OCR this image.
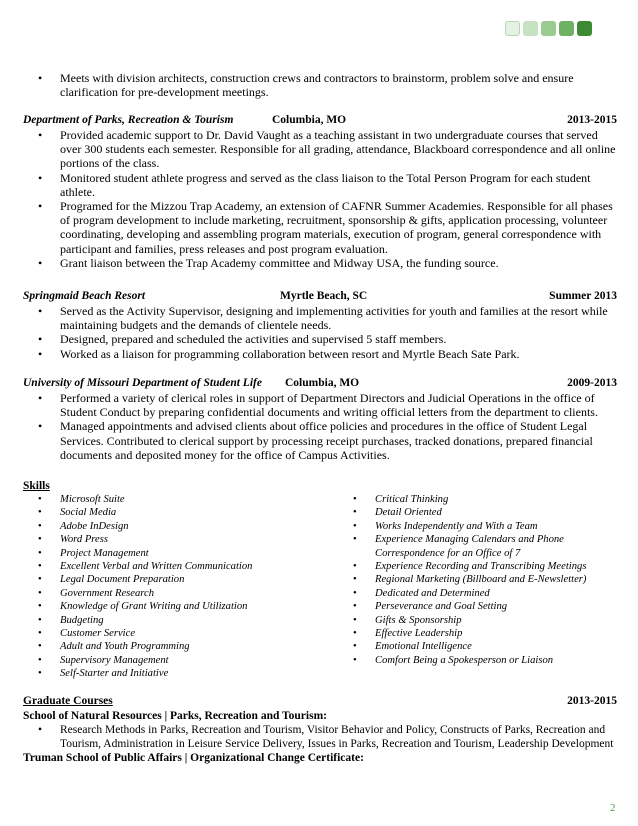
• Meets with division architects, construction crews and contractors to brainstorm, problem solve and ensure clarification for pre-development meetings.
Department of Parks, Recreation & Tourism	Columbia, MO	2013-2015
• Provided academic support to Dr. David Vaught as a teaching assistant in two undergraduate courses that served over 300 students each semester. Responsible for all grading, attendance, Blackboard correspondence and all online portions of the class.
• Monitored student athlete progress and served as the class liaison to the Total Person Program for each student athlete.
• Programed for the Mizzou Trap Academy, an extension of CAFNR Summer Academies. Responsible for all phases of program development to include marketing, recruitment, sponsorship & gifts, application processing, volunteer coordinating, developing and assembling program materials, execution of program, general correspondence with participant and families, press releases and post program evaluation.
• Grant liaison between the Trap Academy committee and Midway USA, the funding source.
Springmaid Beach Resort	Myrtle Beach, SC	Summer 2013
• Served as the Activity Supervisor, designing and implementing activities for youth and families at the resort while maintaining budgets and the demands of clientele needs.
• Designed, prepared and scheduled the activities and supervised 5 staff members.
• Worked as a liaison for programming collaboration between resort and Myrtle Beach Sate Park.
University of Missouri Department of Student Life Columbia, MO	2009-2013
• Performed a variety of clerical roles in support of Department Directors and Judicial Operations in the office of Student Conduct by preparing confidential documents and writing official letters from the department to clients.
• Managed appointments and advised clients about office policies and procedures in the office of Student Legal Services. Contributed to clerical support by processing receipt purchases, tracked donations, prepared financial documents and deposited money for the office of Campus Activities.
Skills
• Microsoft Suite
• Social Media
• Adobe InDesign
• Word Press
• Project Management
• Excellent Verbal and Written Communication
• Legal Document Preparation
• Government Research
• Knowledge of Grant Writing and Utilization
• Budgeting
• Customer Service
• Adult and Youth Programming
• Supervisory Management
• Self-Starter and Initiative
• Critical Thinking
• Detail Oriented
• Works Independently and With a Team
• Experience Managing Calendars and Phone Correspondence for an Office of 7
• Experience Recording and Transcribing Meetings
• Regional Marketing (Billboard and E-Newsletter)
• Dedicated and Determined
• Perseverance and Goal Setting
• Gifts & Sponsorship
• Effective Leadership
• Emotional Intelligence
• Comfort Being a Spokesperson or Liaison
Graduate Courses	2013-2015
School of Natural Resources | Parks, Recreation and Tourism:
• Research Methods in Parks, Recreation and Tourism, Visitor Behavior and Policy, Constructs of Parks, Recreation and Tourism, Administration in Leisure Service Delivery, Issues in Parks, Recreation and Tourism, Leadership Development
Truman School of Public Affairs | Organizational Change Certificate:
2
